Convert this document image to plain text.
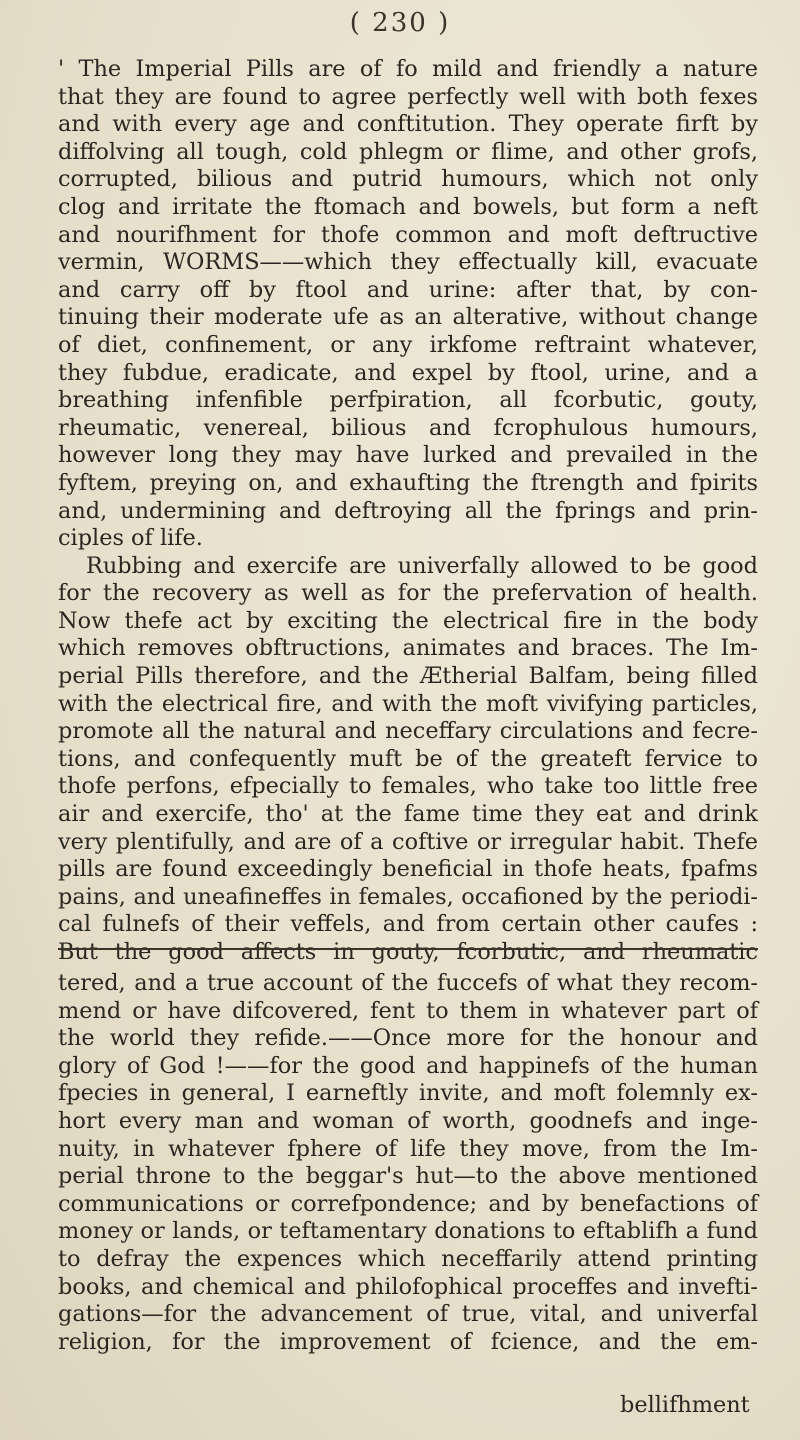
( 230 )
' The Imperial Pills are of fo mild and friendly a nature
that they are found to agree perfectly well with both fexes
and with every age and conftitution. They operate firft by
diffolving all tough, cold phlegm or flime, and other grofs,
corrupted, bilious and putrid humours, which not only
clog and irritate the ftomach and bowels, but form a neft
and nourifhment for thofe common and moft deftructive
vermin, WORMS——which they effectually kill, evacuate
and carry off by ftool and urine: after that, by con-
tinuing their moderate ufe as an alterative, without change
of diet, confinement, or any irkfome reftraint whatever,
they fubdue, eradicate, and expel by ftool, urine, and a
breathing infenfible perfpiration, all fcorbutic, gouty,
rheumatic, venereal, bilious and fcrophulous humours,
however long they may have lurked and prevailed in the
fyftem, preying on, and exhaufting the ftrength and fpirits
and, undermining and deftroying all the fprings and prin-
ciples of life.
Rubbing and exercife are univerfally allowed to be good
for the recovery as well as for the prefervation of health.
Now thefe act by exciting the electrical fire in the body
which removes obftructions, animates and braces. The Im-
perial Pills therefore, and the Ætherial Balfam, being filled
with the electrical fire, and with the moft vivifying particles,
promote all the natural and neceffary circulations and fecre-
tions, and confequently muft be of the greateft fervice to
thofe perfons, efpecially to females, who take too little free
air and exercife, tho' at the fame time they eat and drink
very plentifully, and are of a coftive or irregular habit. Thefe
pills are found exceedingly beneficial in thofe heats, fpafms
pains, and uneafineffes in females, occafioned by the periodi-
cal fulnefs of their veffels, and from certain other caufes :
But the good affects in gouty, fcorbutic, and rheumatic
tered, and a true account of the fuccefs of what they recom-
mend or have difcovered, fent to them in whatever part of
the world they refide.——Once more for the honour and
glory of God !——for the good and happinefs of the human
fpecies in general, I earneftly invite, and moft folemnly ex-
hort every man and woman of worth, goodnefs and inge-
nuity, in whatever fphere of life they move, from the Im-
perial throne to the beggar's hut—to the above mentioned
communications or correfpondence; and by benefactions of
money or lands, or teftamentary donations to eftablifh a fund
to defray the expences which neceffarily attend printing
books, and chemical and philofophical proceffes and invefti-
gations—for the advancement of true, vital, and univerfal
religion, for the improvement of fcience, and the em-
bellifhment
